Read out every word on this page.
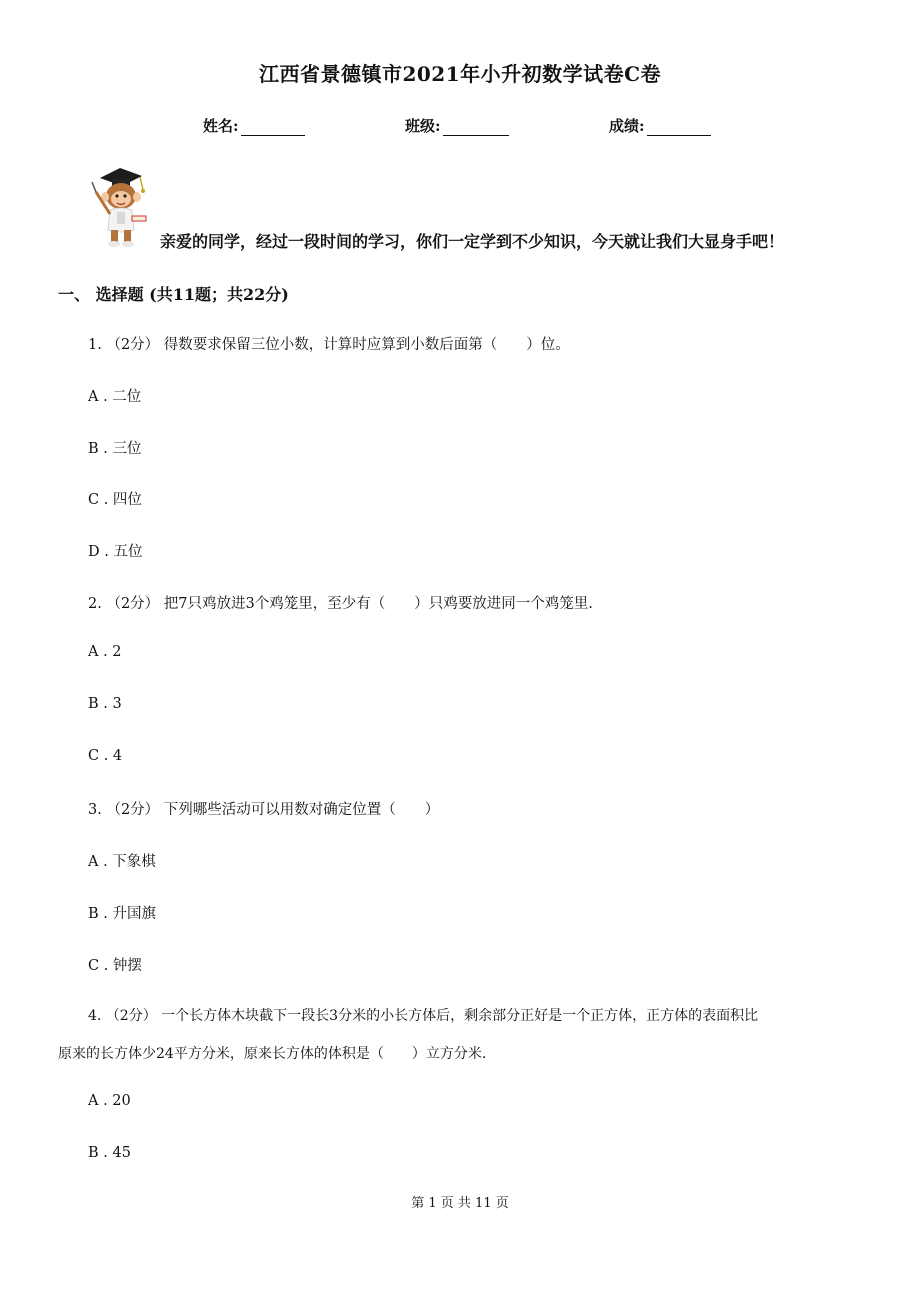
江西省景德镇市2021年小升初数学试卷C卷
姓名:	班级:	成绩:
亲爱的同学，经过一段时间的学习，你们一定学到不少知识，今天就让我们大显身手吧！
一、 选择题 (共11题；共22分)
1. （2分） 得数要求保留三位小数，计算时应算到小数后面第（　　）位。
A . 二位
B . 三位
C . 四位
D . 五位
2. （2分） 把7只鸡放进3个鸡笼里，至少有（　　）只鸡要放进同一个鸡笼里.
A . 2
B . 3
C . 4
3. （2分） 下列哪些活动可以用数对确定位置（　　）
A . 下象棋
B . 升国旗
C . 钟摆
4. （2分） 一个长方体木块截下一段长3分米的小长方体后，剩余部分正好是一个正方体，正方体的表面积比
原来的长方体少24平方分米，原来长方体的体积是（　　）立方分米.
A . 20
B . 45
第 1 页 共 11 页
